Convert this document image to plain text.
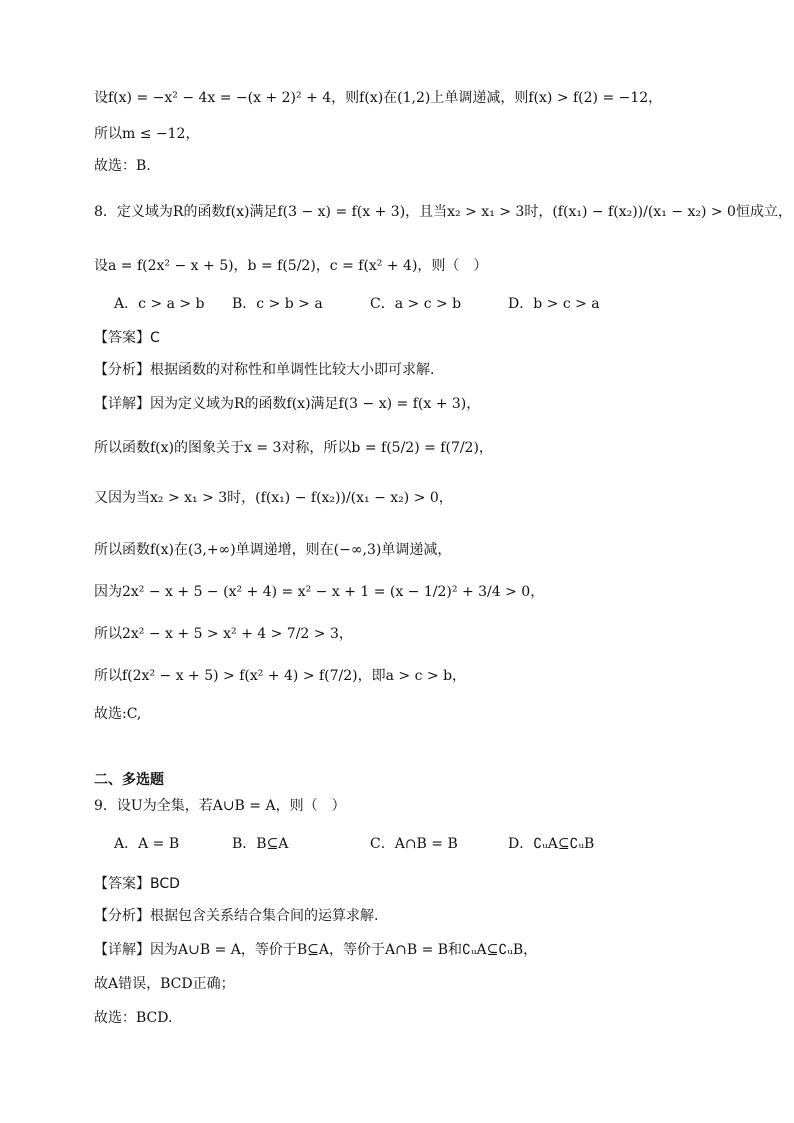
设f(x) = −x² − 4x = −(x + 2)² + 4，则f(x)在(1,2)上单调递减，则f(x) > f(2) = −12，
所以m ≤ −12，
故选：B.
8．定义域为R的函数f(x)满足f(3 − x) = f(x + 3)，且当x₂ > x₁ > 3时，(f(x₁) − f(x₂))/(x₁ − x₂) > 0恒成立，
设a = f(2x² − x + 5)，b = f(5/2)，c = f(x² + 4)，则（　）
A．c > a > b B．c > b > a	C．a > c > b	D．b > c > a
【答案】C
【分析】根据函数的对称性和单调性比较大小即可求解.
【详解】因为定义域为R的函数f(x)满足f(3 − x) = f(x + 3)，
所以函数f(x)的图象关于x = 3对称，所以b = f(5/2) = f(7/2)，
又因为当x₂ > x₁ > 3时，(f(x₁) − f(x₂))/(x₁ − x₂) > 0，
所以函数f(x)在(3,+∞)单调递增，则在(−∞,3)单调递减，
因为2x² − x + 5 − (x² + 4) = x² − x + 1 = (x − 1/2)² + 3/4 > 0，
所以2x² − x + 5 > x² + 4 > 7/2 > 3，
所以f(2x² − x + 5) > f(x² + 4) > f(7/2)，即a > c > b，
故选:C,
二、多选题
9．设U为全集，若A∪B = A，则（　）
A．A = B	B．B⊆A	C．A∩B = B	D．∁ᵤA⊆∁ᵤB
【答案】BCD
【分析】根据包含关系结合集合间的运算求解.
【详解】因为A∪B = A，等价于B⊆A，等价于A∩B = B和∁ᵤA⊆∁ᵤB，
故A错误，BCD正确；
故选：BCD.
